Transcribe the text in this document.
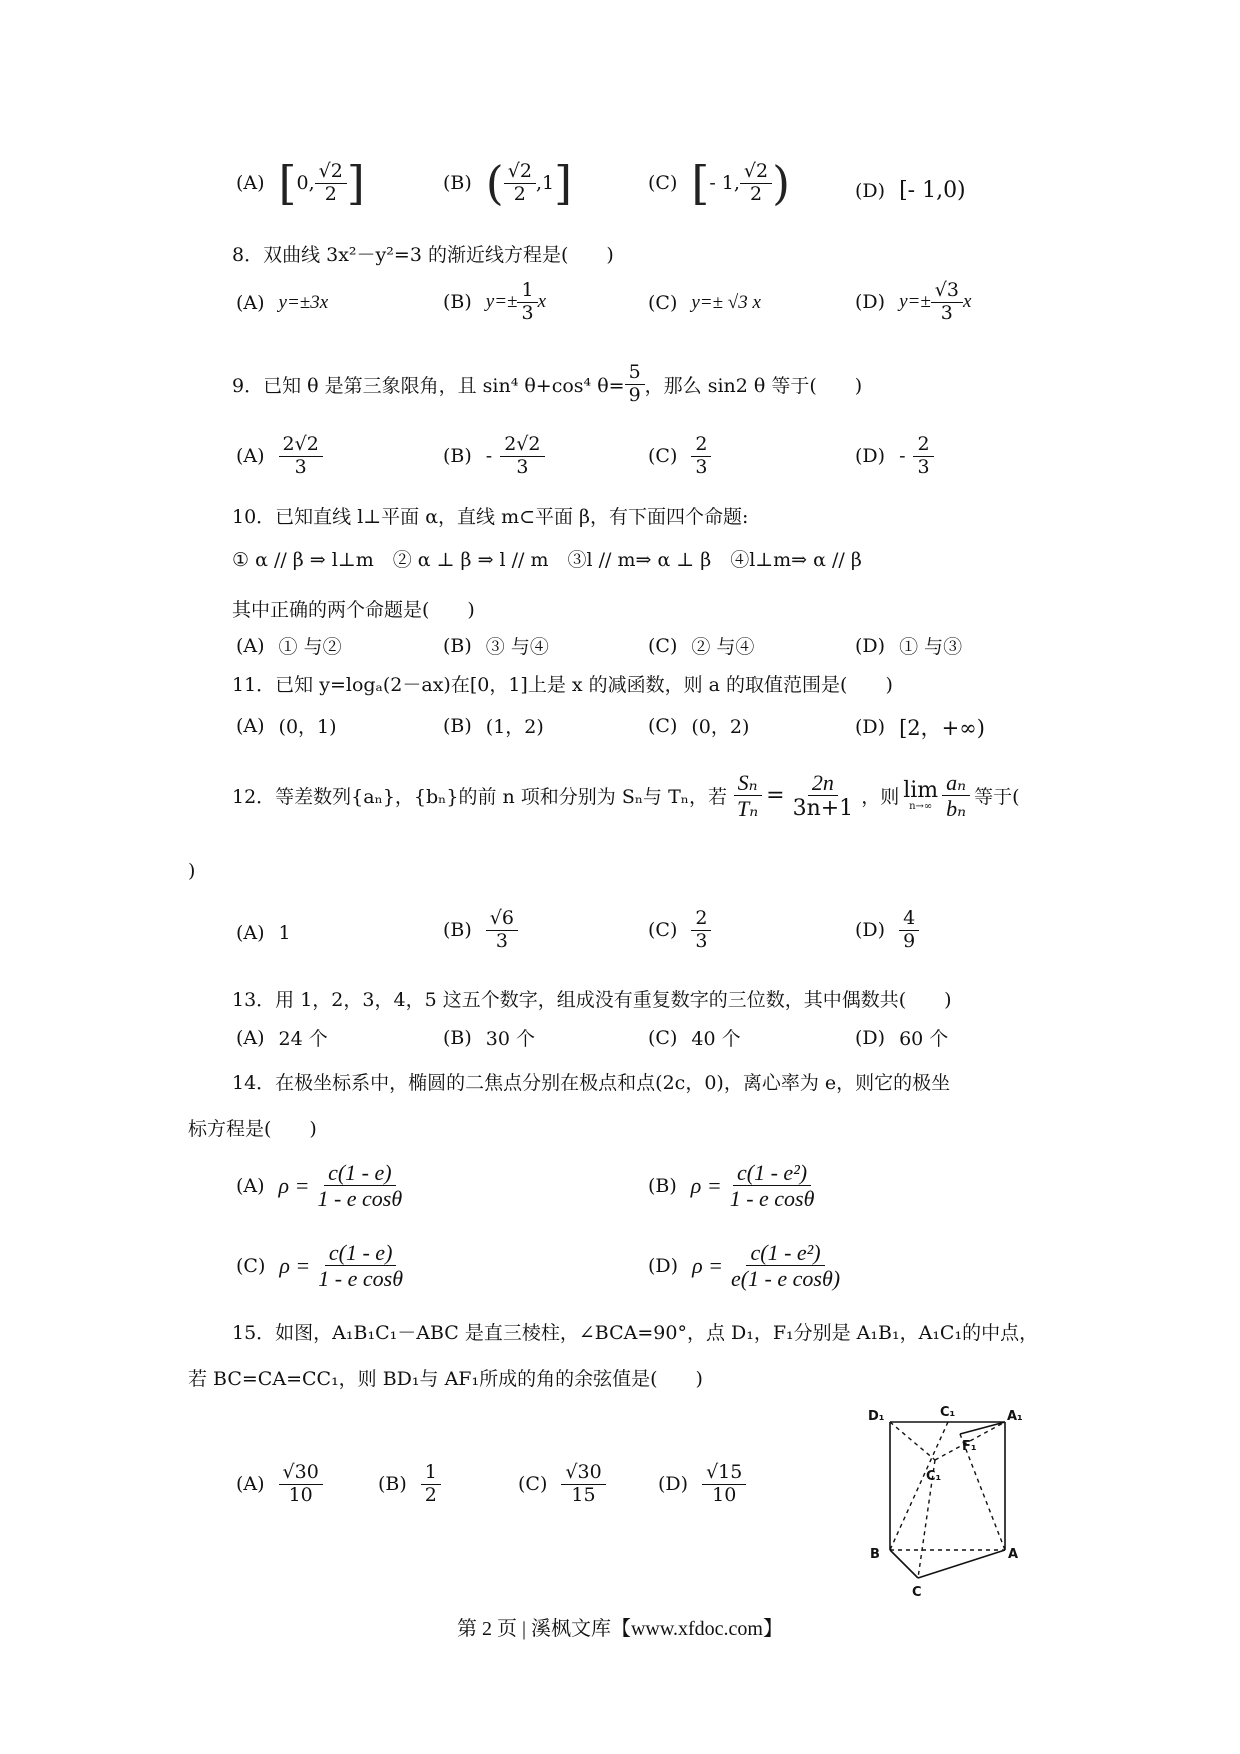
(A) [ 0, $\frac{√2}{2}$ ]	(B) ( $\frac{√2}{2} ,1$ ]	(C) [ - 1, $\frac{√2}{2}$ )	(D) [- 1,0)
8．双曲线 3x²－y²=3 的渐近线方程是(　　)
(A) y=±3x	(B) $y=\pm \frac{1}{3}$ x	(C) y=± √3 x	(D) $y=\pm \frac{√3}{3}$ x
9．已知 θ 是第三象限角，且 sin⁴ θ+cos⁴ $\theta= \frac{5}{9}$ ，那么 sin2 θ 等于(　　)
$(A) \frac{2√2}{3}$	$(B) - \frac{2√2}{3}$	$(C) \frac{2}{3}$	$(D) - \frac{2}{3}$
10．已知直线 l⊥平面 α，直线 m⊂平面 β，有下面四个命题:
① α // β ⇒ l⊥m　② α ⊥ β ⇒ l // m　③l // m⇒ α ⊥ β　④l⊥m⇒ α // β
其中正确的两个命题是(　　)
(A) ① 与②	(B) ③ 与④	(C) ② 与④	(D) ① 与③
11．已知 y=logₐ(2－ax)在[0，1]上是 x 的减函数，则 a 的取值范围是(　　)
(A) (0，1)	(B) (1，2)	(C) (0，2)	(D) [2，+∞)
12．等差数列{aₙ}，{bₙ}的前 n 项和分别为 Sₙ与 Tₙ，若 $\frac{\text{Sₙ}}{\text{Tₙ}} = \frac{2n}{3n+1}$ ，则 lim
$n\to\infty \frac{\text{aₙ}}{\text{bₙ}}$ 等于(
)
(A) 1	$(B) \frac{√6}{3}$	$(C) \frac{2}{3}$	$(D) \frac{4}{9}$
13．用 1，2，3，4，5 这五个数字，组成没有重复数字的三位数，其中偶数共(　　)
(A) 24 个	(B) 30 个	(C) 40 个	(D) 60 个
14．在极坐标系中，椭圆的二焦点分别在极点和点(2c，0)，离心率为 e，则它的极坐
标方程是(　　)
(A) $\rho = \frac{c(1 - e)}{\text{1 - e cosθ}}$	(B) $\rho = \frac{\text{c(1 - e²)}}{\text{1 - e cosθ}}$
(C) $\rho = \frac{c(1 - e)}{\text{1 - e cosθ}}$	(D) $\rho = \frac{\text{c(1 - e²)}}{\text{e(1 - e cosθ)}}$
15．如图，A₁B₁C₁－ABC 是直三棱柱，∠BCA=90°，点 D₁，F₁分别是 A₁B₁，A₁C₁的中点，
若 BC=CA=CC₁，则 BD₁与 AF₁所成的角的余弦值是(　　)
$(A) \frac{√30}{10}$	$(B) \frac{1}{2}$	$(C) \frac{√30}{15}$	$(D) \frac{√15}{10}$
D₁	C₁	A₁
F₁
C₁
B	A
C
第 2 页 | 溪枫文库【www.xfdoc.com】
